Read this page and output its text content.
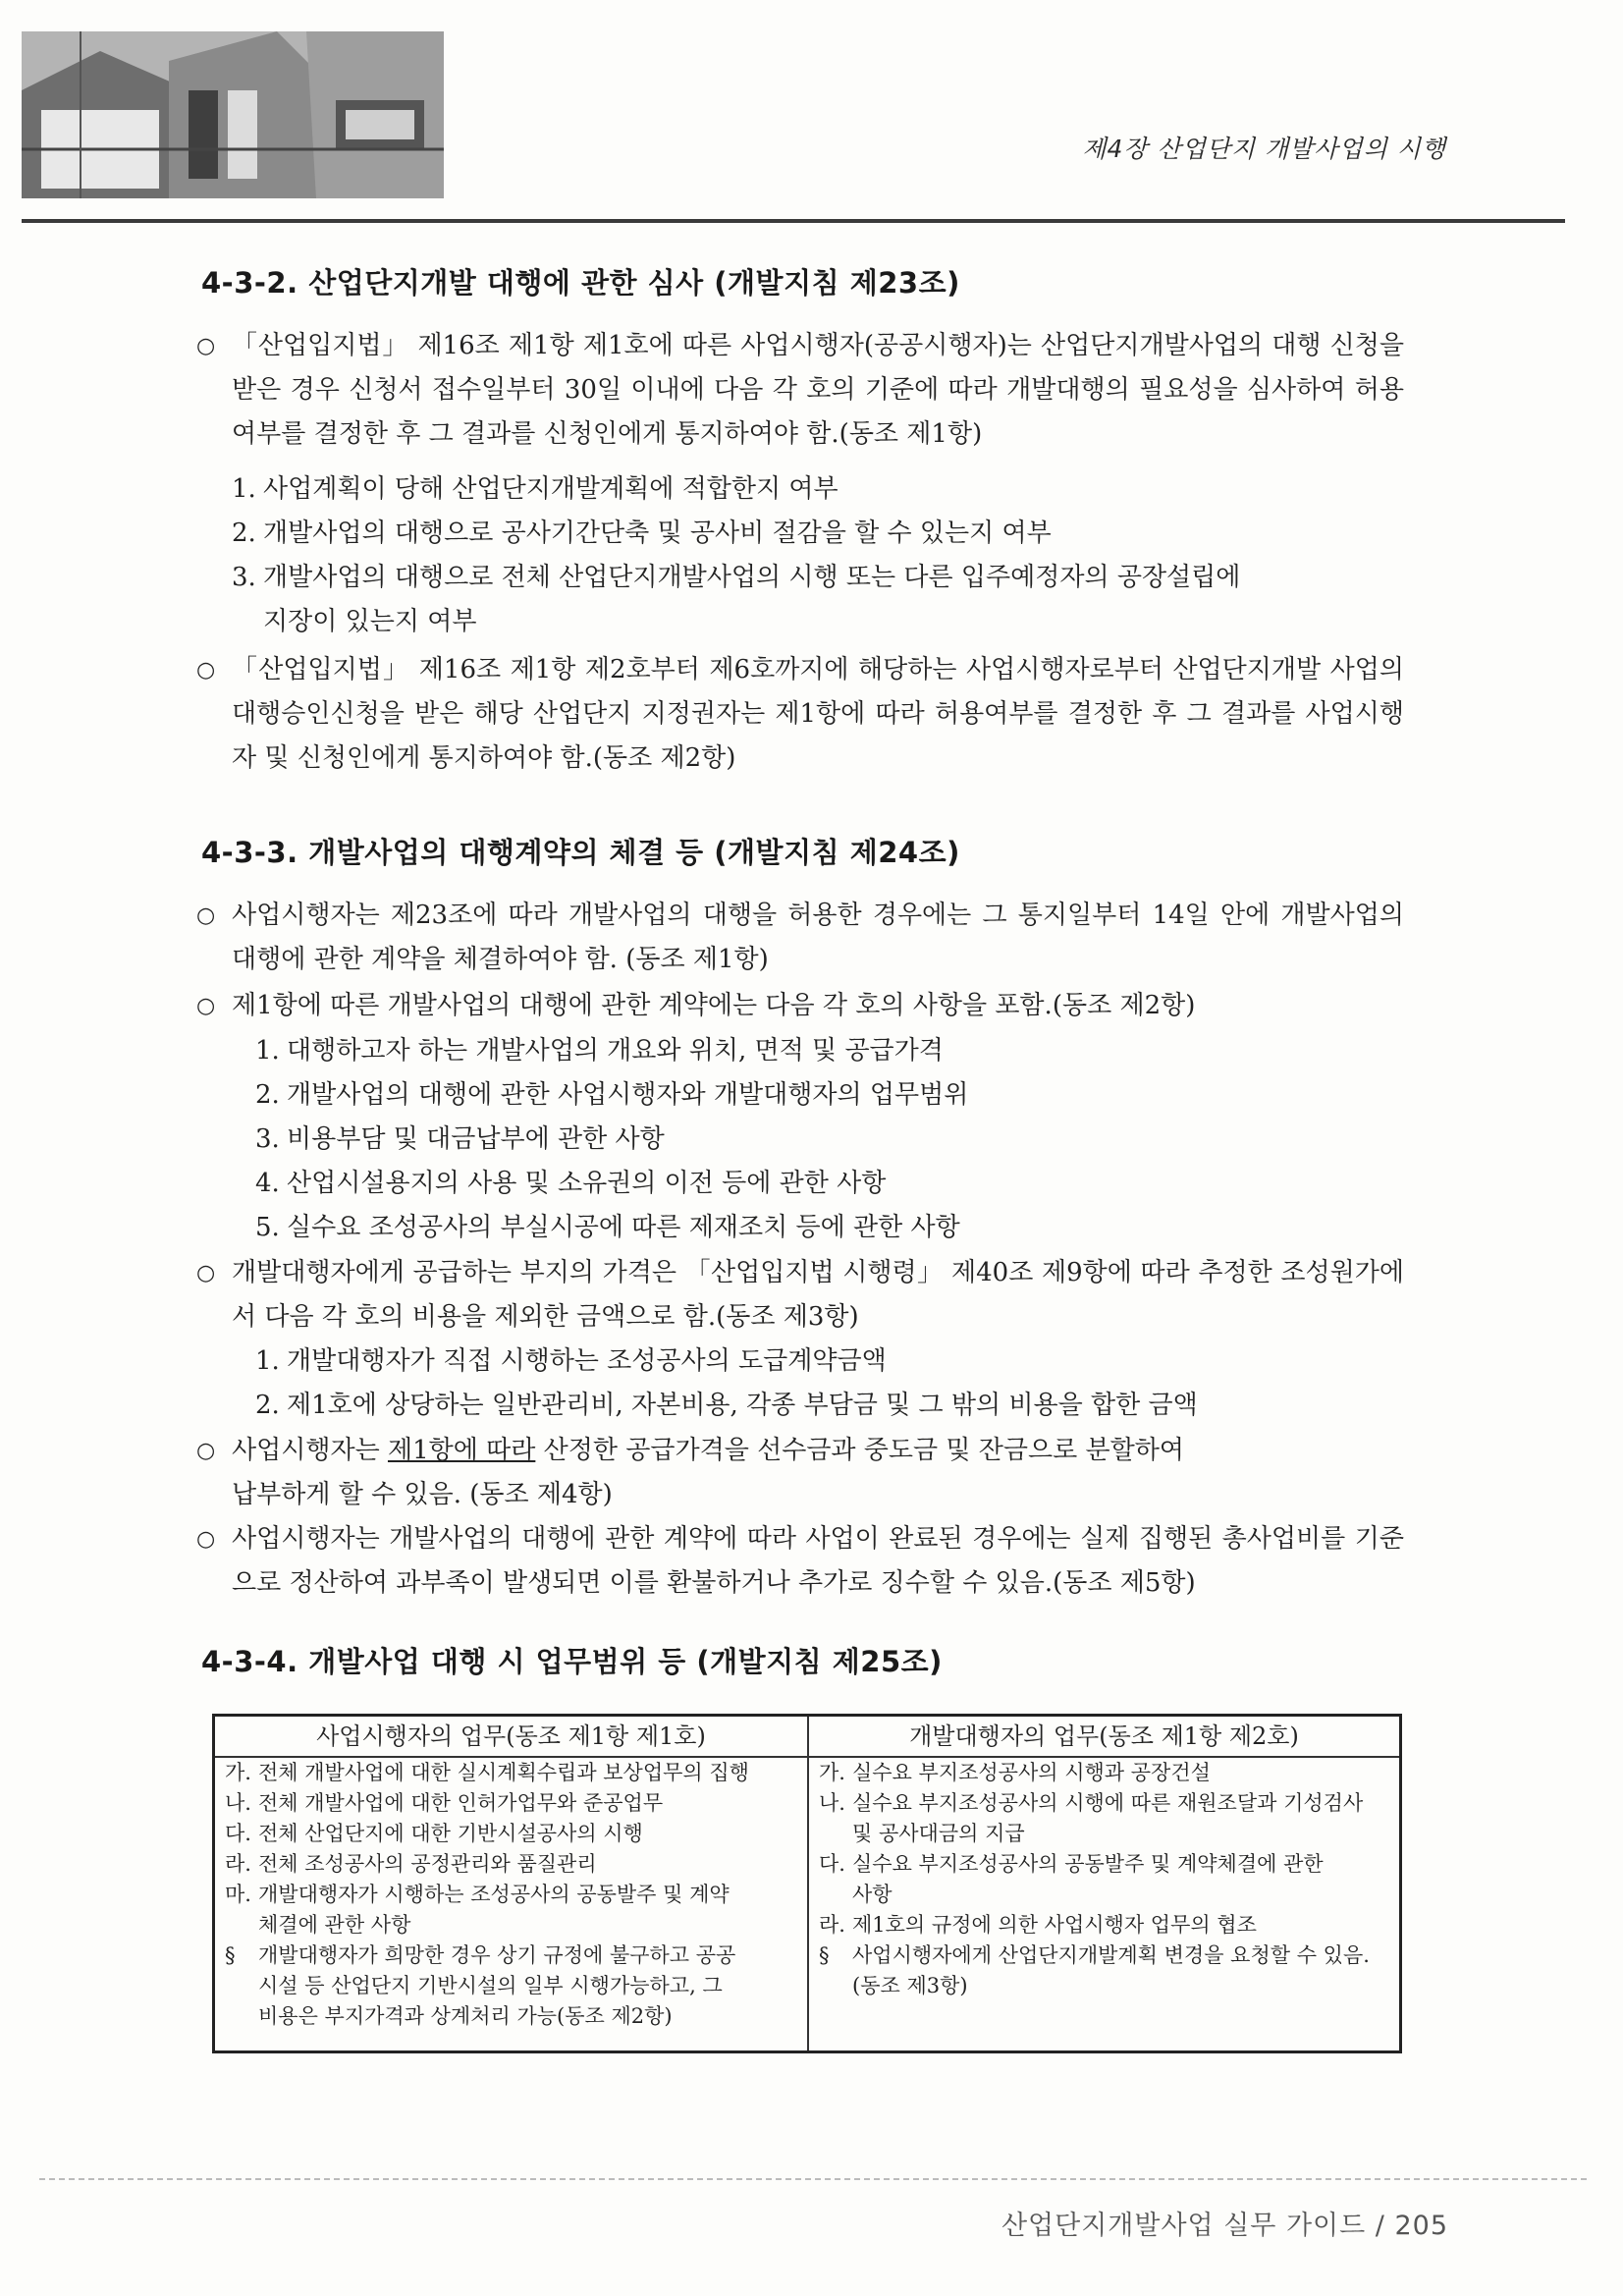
제4장 산업단지 개발사업의 시행
4-3-2. 산업단지개발 대행에 관한 심사 (개발지침 제23조)
○ 「산업입지법」 제16조 제1항 제1호에 따른 사업시행자(공공시행자)는 산업단지개발사업의 대행 신청을 받은 경우 신청서 접수일부터 30일 이내에 다음 각 호의 기준에 따라 개발대행의 필요성을 심사하여 허용여부를 결정한 후 그 결과를 신청인에게 통지하여야 함.(동조 제1항)
1. 사업계획이 당해 산업단지개발계획에 적합한지 여부
2. 개발사업의 대행으로 공사기간단축 및 공사비 절감을 할 수 있는지 여부
3. 개발사업의 대행으로 전체 산업단지개발사업의 시행 또는 다른 입주예정자의 공장설립에
지장이 있는지 여부
○ 「산업입지법」 제16조 제1항 제2호부터 제6호까지에 해당하는 사업시행자로부터 산업단지개발 사업의 대행승인신청을 받은 해당 산업단지 지정권자는 제1항에 따라 허용여부를 결정한 후 그 결과를 사업시행자 및 신청인에게 통지하여야 함.(동조 제2항)
4-3-3. 개발사업의 대행계약의 체결 등 (개발지침 제24조)
○ 사업시행자는 제23조에 따라 개발사업의 대행을 허용한 경우에는 그 통지일부터 14일 안에 개발사업의 대행에 관한 계약을 체결하여야 함. (동조 제1항)
○ 제1항에 따른 개발사업의 대행에 관한 계약에는 다음 각 호의 사항을 포함.(동조 제2항)
1. 대행하고자 하는 개발사업의 개요와 위치, 면적 및 공급가격
2. 개발사업의 대행에 관한 사업시행자와 개발대행자의 업무범위
3. 비용부담 및 대금납부에 관한 사항
4. 산업시설용지의 사용 및 소유권의 이전 등에 관한 사항
5. 실수요 조성공사의 부실시공에 따른 제재조치 등에 관한 사항
○ 개발대행자에게 공급하는 부지의 가격은 「산업입지법 시행령」 제40조 제9항에 따라 추정한 조성원가에서 다음 각 호의 비용을 제외한 금액으로 함.(동조 제3항)
1. 개발대행자가 직접 시행하는 조성공사의 도급계약금액
2. 제1호에 상당하는 일반관리비, 자본비용, 각종 부담금 및 그 밖의 비용을 합한 금액
○ 사업시행자는 제1항에 따라 산정한 공급가격을 선수금과 중도금 및 잔금으로 분할하여
납부하게 할 수 있음. (동조 제4항)
○ 사업시행자는 개발사업의 대행에 관한 계약에 따라 사업이 완료된 경우에는 실제 집행된 총사업비를 기준으로 정산하여 과부족이 발생되면 이를 환불하거나 추가로 징수할 수 있음.(동조 제5항)
4-3-4. 개발사업 대행 시 업무범위 등 (개발지침 제25조)
사업시행자의 업무(동조 제1항 제1호)
가. 전체 개발사업에 대한 실시계획수립과 보상업무의 집행
나. 전체 개발사업에 대한 인허가업무와 준공업무
다. 전체 산업단지에 대한 기반시설공사의 시행
라. 전체 조성공사의 공정관리와 품질관리
마. 개발대행자가 시행하는 조성공사의 공동발주 및 계약
체결에 관한 사항
§ 개발대행자가 희망한 경우 상기 규정에 불구하고 공공
시설 등 산업단지 기반시설의 일부 시행가능하고, 그
비용은 부지가격과 상계처리 가능(동조 제2항)
개발대행자의 업무(동조 제1항 제2호)
가. 실수요 부지조성공사의 시행과 공장건설
나. 실수요 부지조성공사의 시행에 따른 재원조달과 기성검사
및 공사대금의 지급
다. 실수요 부지조성공사의 공동발주 및 계약체결에 관한
사항
라. 제1호의 규정에 의한 사업시행자 업무의 협조
§ 사업시행자에게 산업단지개발계획 변경을 요청할 수 있음.
(동조 제3항)
산업단지개발사업 실무 가이드 / 205
